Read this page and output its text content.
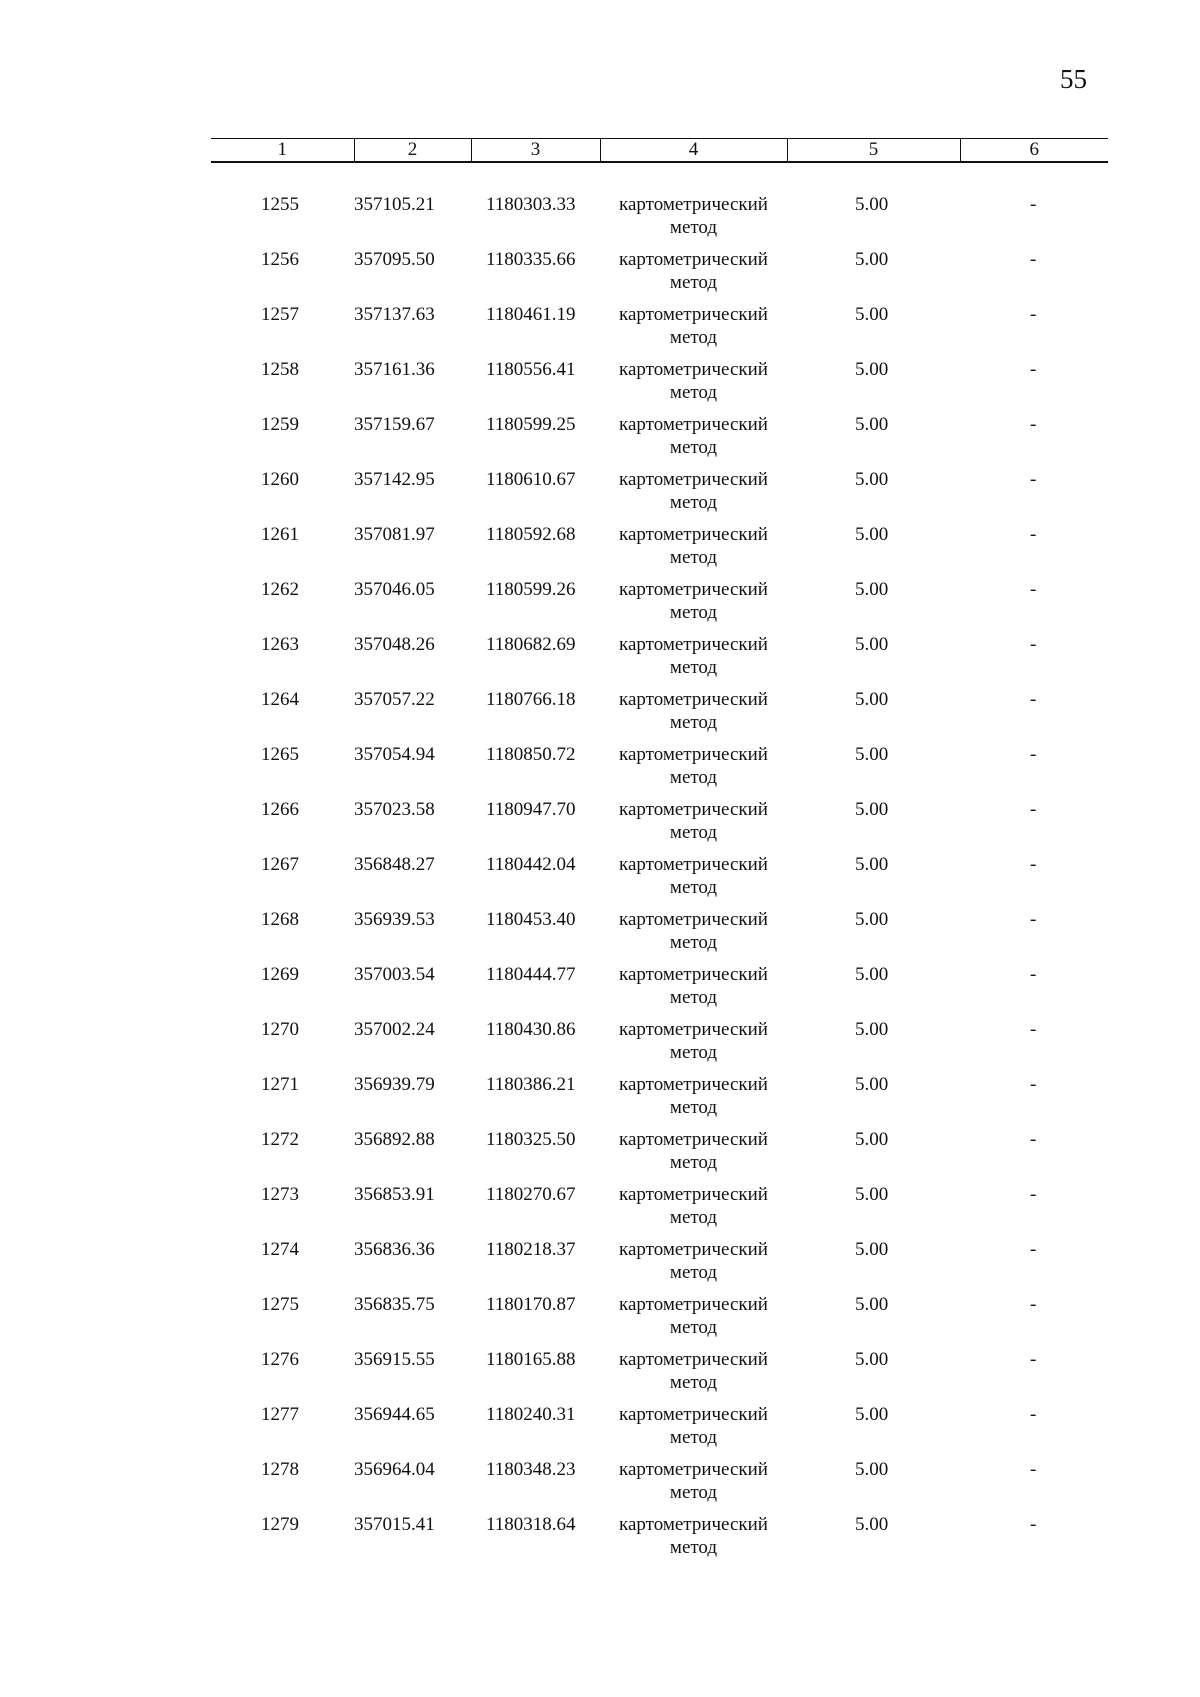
55
1	2	3	4	5	6

1255	357105.21	1180303.33	картометрический метод	5.00	-
1256	357095.50	1180335.66	картометрический метод	5.00	-
1257	357137.63	1180461.19	картометрический метод	5.00	-
1258	357161.36	1180556.41	картометрический метод	5.00	-
1259	357159.67	1180599.25	картометрический метод	5.00	-
1260	357142.95	1180610.67	картометрический метод	5.00	-
1261	357081.97	1180592.68	картометрический метод	5.00	-
1262	357046.05	1180599.26	картометрический метод	5.00	-
1263	357048.26	1180682.69	картометрический метод	5.00	-
1264	357057.22	1180766.18	картометрический метод	5.00	-
1265	357054.94	1180850.72	картометрический метод	5.00	-
1266	357023.58	1180947.70	картометрический метод	5.00	-
1267	356848.27	1180442.04	картометрический метод	5.00	-
1268	356939.53	1180453.40	картометрический метод	5.00	-
1269	357003.54	1180444.77	картометрический метод	5.00	-
1270	357002.24	1180430.86	картометрический метод	5.00	-
1271	356939.79	1180386.21	картометрический метод	5.00	-
1272	356892.88	1180325.50	картометрический метод	5.00	-
1273	356853.91	1180270.67	картометрический метод	5.00	-
1274	356836.36	1180218.37	картометрический метод	5.00	-
1275	356835.75	1180170.87	картометрический метод	5.00	-
1276	356915.55	1180165.88	картометрический метод	5.00	-
1277	356944.65	1180240.31	картометрический метод	5.00	-
1278	356964.04	1180348.23	картометрический метод	5.00	-
1279	357015.41	1180318.64	картометрический метод	5.00	-
